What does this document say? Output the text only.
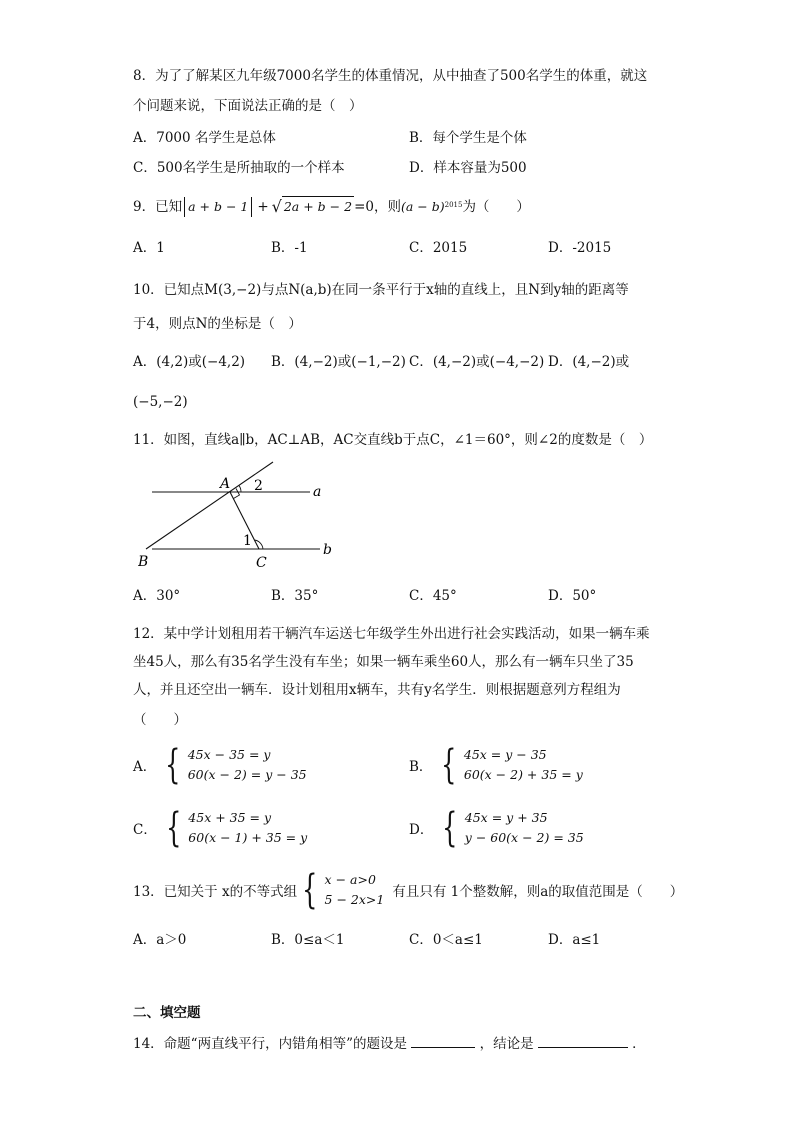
8．为了了解某区九年级7000名学生的体重情况，从中抽查了500名学生的体重，就这
个问题来说，下面说法正确的是（　）
A．7000 名学生是总体	B．每个学生是个体
C．500名学生是所抽取的一个样本	D．样本容量为500
9．已知 a + b − 1 + √ 2a + b − 2 =0，则 $(a - b)^{2015}$ 为（　　）
A．1	B．-1	C．2015	D．-2015
10．已知点M(3,−2)与点N(a,b)在同一条平行于x轴的直线上，且N到y轴的距离等
于4，则点N的坐标是（　）
A．(4,2)或(−4,2) B．(4,−2)或(−1,−2) C．(4,−2)或(−4,−2) D．(4,−2)或
(−5,−2)
11．如图，直线a∥b，AC⊥AB，AC交直线b于点C，∠1＝60°，则∠2的度数是（　）
A 2	a
1
b
B	C
A．30°	B．35°	C．45°	D．50°
12．某中学计划租用若干辆汽车运送七年级学生外出进行社会实践活动，如果一辆车乘
坐45人，那么有35名学生没有车坐；如果一辆车乘坐60人，那么有一辆车只坐了35
人，并且还空出一辆车．设计划租用x辆车，共有y名学生．则根据题意列方程组为
（　　）
A． { 45x − 35 = y
60(x − 2) = y − 35	B． { 45x = y − 35
60(x − 2) + 35 = y
C． { 45x + 35 = y
60(x − 1) + 35 = y	D． { 45x = y + 35
y − 60(x − 2) = 35
13．已知关于 x的不等式组 { x − a>0
5 − 2x>1 有且只有 1个整数解，则a的取值范围是（　　）
A．a＞0	B．0≤a＜1	C．0＜a≤1	D．a≤1
二、填空题
14．命题“两直线平行，内错角相等”的题设是	，结论是	．
